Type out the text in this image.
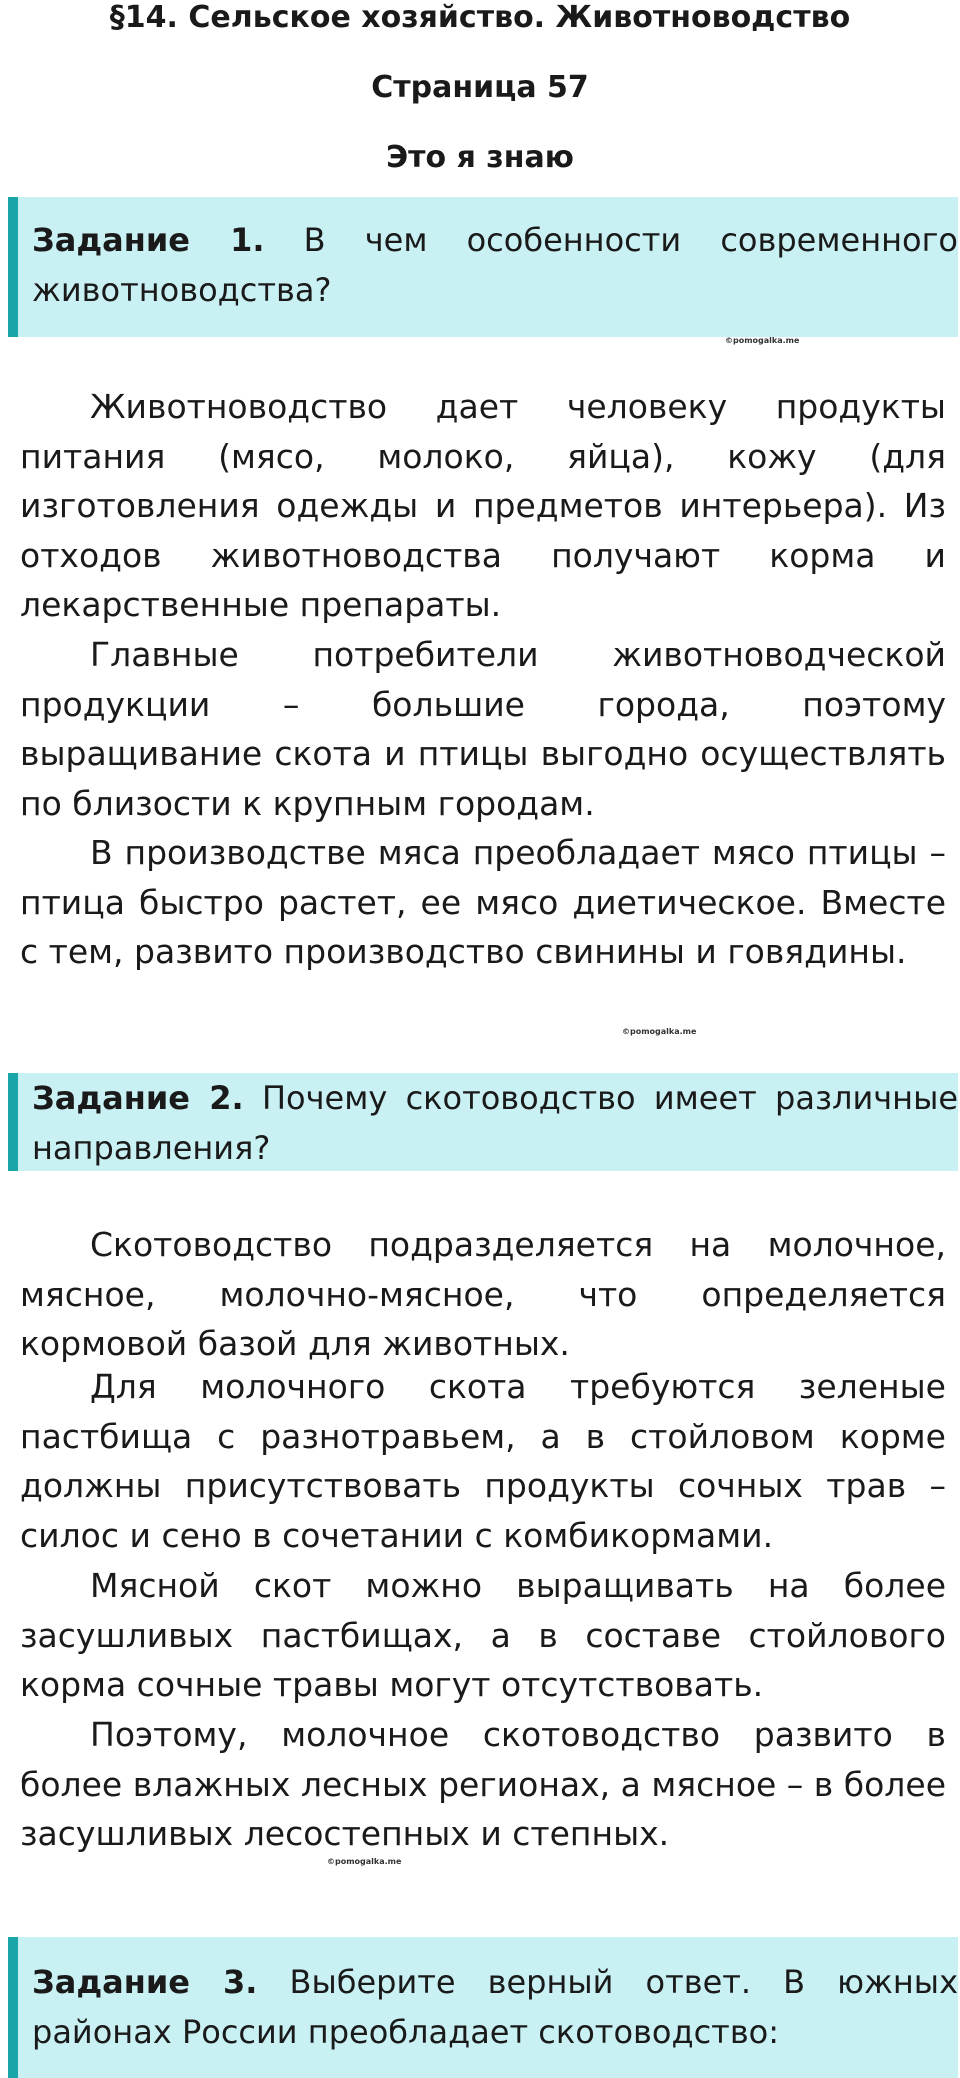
§14. Сельское хозяйство. Животноводство
Страница 57
Это я знаю
Задание 1. В чем особенности современного животноводства?
©pomogalka.me

Животноводство дает человеку продукты питания (мясо, молоко, яйца), кожу (для изготовления одежды и предметов интерьера). Из отходов животноводства получают корма и лекарственные препараты.

Главные потребители животноводческой продукции – большие города, поэтому выращивание скота и птицы выгодно осуществлять по близости к крупным городам.

В производстве мяса преобладает мясо птицы – птица быстро растет, ее мясо диетическое. Вместе с тем, развито производство свинины и говядины.

©pomogalka.me
Задание 2. Почему скотоводство имеет различные направления?

Скотоводство подразделяется на молочное, мясное, молочно-мясное, что определяется кормовой базой для животных.

Для молочного скота требуются зеленые пастбища с разнотравьем, а в стойловом корме должны присутствовать продукты сочных трав – силос и сено в сочетании с комбикормами.

Мясной скот можно выращивать на более засушливых пастбищах, а в составе стойлового корма сочные травы могут отсутствовать.

Поэтому, молочное скотоводство развито в более влажных лесных регионах, а мясное – в более засушливых лесостепных и степных.

©pomogalka.me
Задание 3. Выберите верный ответ. В южных районах России преобладает скотоводство:
